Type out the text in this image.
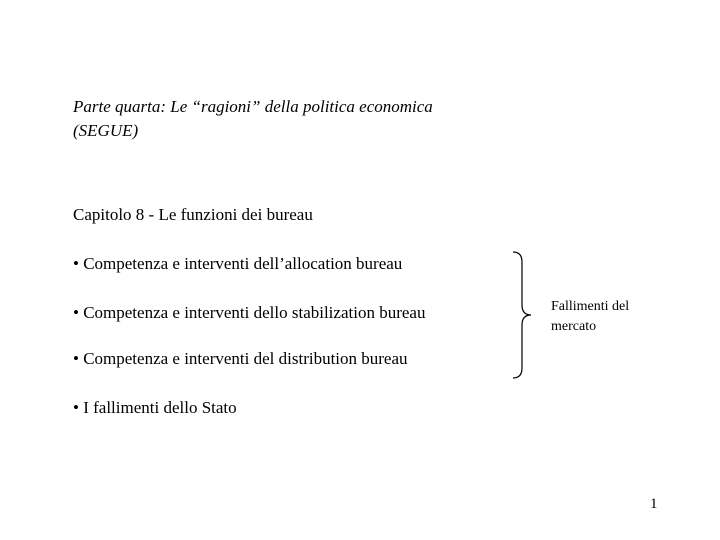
Parte quarta: Le “ragioni” della politica economica
(SEGUE)
Capitolo 8 - Le funzioni dei bureau
• Competenza e interventi dell’allocation bureau
• Competenza e interventi dello stabilization bureau
• Competenza e interventi del distribution bureau
• I fallimenti dello Stato
Fallimenti del
mercato
1
